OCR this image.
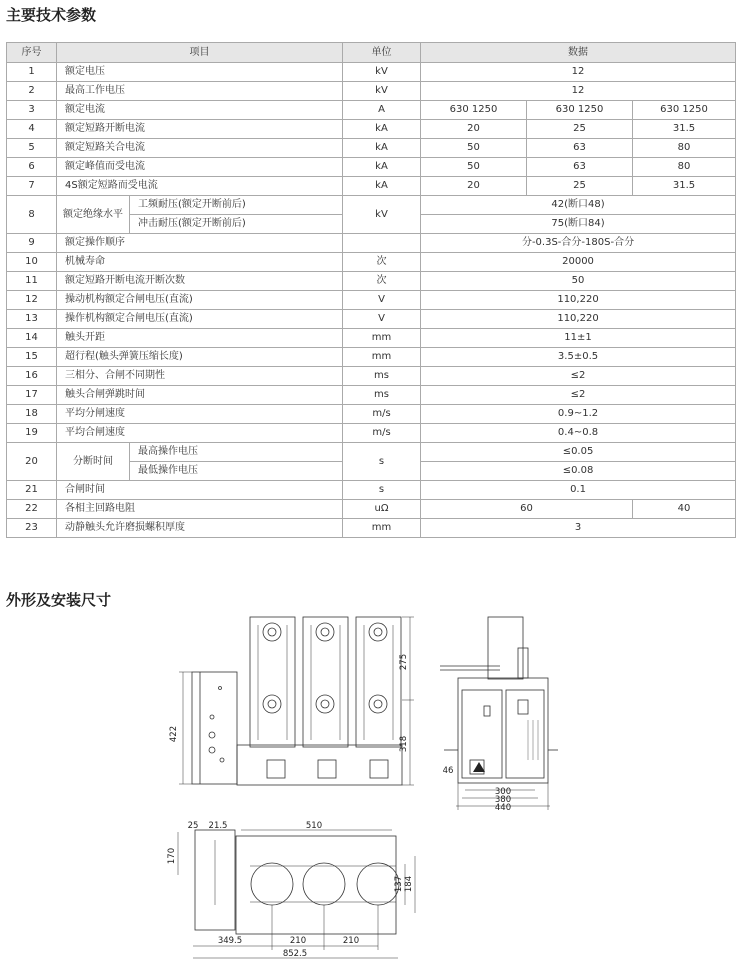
主要技术参数
序号	项目		单位	数据		
1	额定电压		kV	12		
2	最高工作电压		kV	12		
3	额定电流		A	630 1250	630 1250	630 1250
4	额定短路开断电流		kA	20	25	31.5
5	额定短路关合电流		kA	50	63	80
6	额定峰值而受电流		kA	50	63	80
7	4S额定短路而受电流		kA	20	25	31.5
8	额定绝缘水平	工频耐压(额定开断前后)	kV	42(断口48)		
		冲击耐压(额定开断前后)		75(断口84)		
9	额定操作顺序			分-0.3S-合分-180S-合分		
10	机械寿命		次	20000		
11	额定短路开断电流开断次数		次	50		
12	操动机构额定合闸电压(直流)		V	110,220		
13	操作机构额定合闸电压(直流)		V	110,220		
14	触头开距		mm	11±1		
15	超行程(触头弹簧压缩长度)		mm	3.5±0.5		
16	三相分、合闸不同期性		ms	≤2		
17	触头合闸弹跳时间		ms	≤2		
18	平均分闸速度		m/s	0.9~1.2		
19	平均合闸速度		m/s	0.4~0.8		
20	分断时间	最高操作电压	s	≤0.05		
		最低操作电压		≤0.08		
21	合闸时间		s	0.1		
22	各相主回路电阻		uΩ	60		40
23	动静触头允许磨损螺积厚度		mm	3		
外形及安装尺寸
422
275
318
46
300
380
440
25 21.5	510
170
137 184
349.5	210	210
852.5
